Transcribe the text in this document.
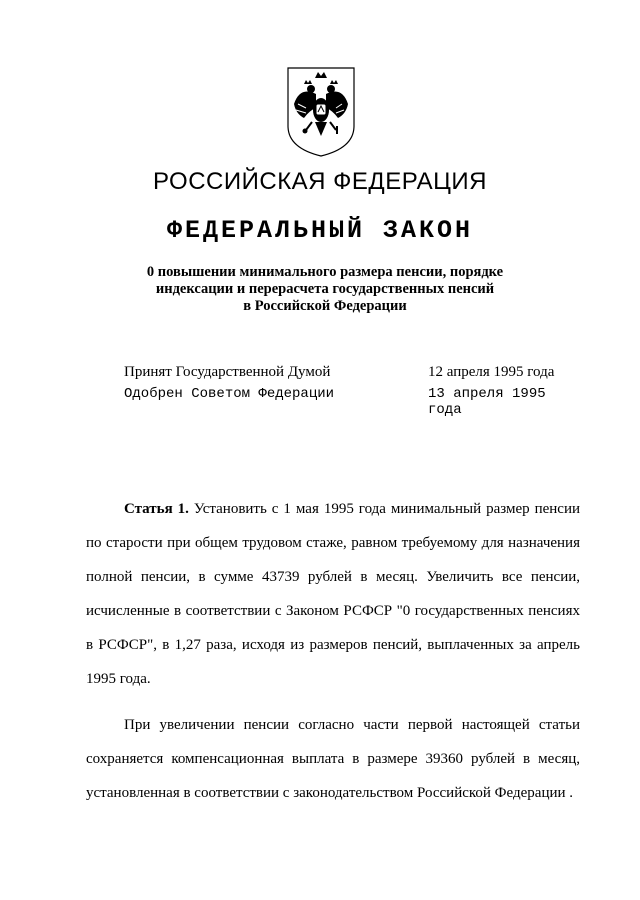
РОССИЙСКАЯ ФЕДЕРАЦИЯ
ФЕДЕРАЛЬНЫЙ ЗАКОН
0 повышении минимального размера пенсии, порядке
индексации и перерасчета государственных пенсий
в Российской Федерации
Принят Государственной Думой	12 апреля 1995 года
Одобрен Советом Федерации	13 апреля 1995 года

Статья 1. Установить с 1 мая 1995 года минимальный размер пенсии по старости при общем трудовом стаже, равном требуемому для назначения полной пенсии, в сумме 43739 рублей в месяц. Увеличить все пенсии, исчисленные в соответствии с Законом РСФСР "0 государственных пенсиях в РСФСР", в 1,27 раза, исходя из размеров пенсий, выплаченных за апрель 1995 года.

При увеличении пенсии согласно части первой настоящей статьи сохраняется компенсационная выплата в размере 39360 рублей в месяц, установленная в соответствии с законодательством Российской Федерации .
